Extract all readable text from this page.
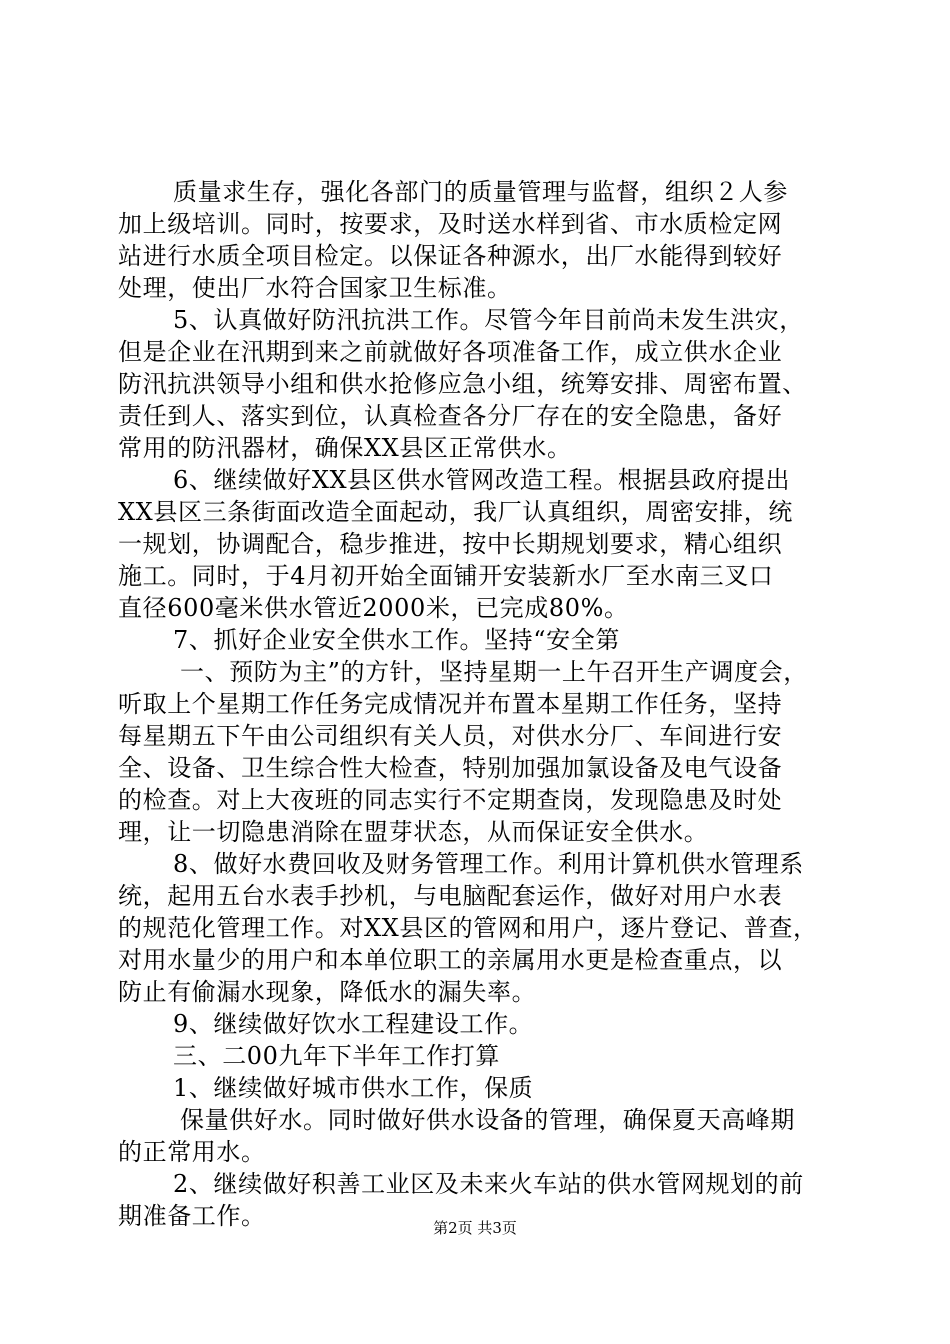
质量求生存，强化各部门的质量管理与监督，组织２人参
加上级培训。同时，按要求，及时送水样到省、市水质检定网
站进行水质全项目检定。以保证各种源水，出厂水能得到较好
处理，使出厂水符合国家卫生标准。
5、认真做好防汛抗洪工作。尽管今年目前尚未发生洪灾，
但是企业在汛期到来之前就做好各项准备工作，成立供水企业
防汛抗洪领导小组和供水抢修应急小组，统筹安排、周密布置、
责任到人、落实到位，认真检查各分厂存在的安全隐患，备好
常用的防汛器材，确保XX县区正常供水。
6、继续做好XX县区供水管网改造工程。根据县政府提出
XX县区三条街面改造全面起动，我厂认真组织，周密安排，统
一规划，协调配合，稳步推进，按中长期规划要求，精心组织
施工。同时，于4月初开始全面铺开安装新水厂至水南三叉口
直径600毫米供水管近2000米，已完成80%。
7、抓好企业安全供水工作。坚持“安全第
一、预防为主”的方针，坚持星期一上午召开生产调度会，
听取上个星期工作任务完成情况并布置本星期工作任务，坚持
每星期五下午由公司组织有关人员，对供水分厂、车间进行安
全、设备、卫生综合性大检查，特别加强加氯设备及电气设备
的检查。对上大夜班的同志实行不定期查岗，发现隐患及时处
理，让一切隐患消除在盟芽状态，从而保证安全供水。
8、做好水费回收及财务管理工作。利用计算机供水管理系
统，起用五台水表手抄机，与电脑配套运作，做好对用户水表
的规范化管理工作。对XX县区的管网和用户，逐片登记、普查，
对用水量少的用户和本单位职工的亲属用水更是检查重点，以
防止有偷漏水现象，降低水的漏失率。
9、继续做好饮水工程建设工作。
三、二00九年下半年工作打算
1、继续做好城市供水工作，保质
保量供好水。同时做好供水设备的管理，确保夏天高峰期
的正常用水。
2、继续做好积善工业区及未来火车站的供水管网规划的前
期准备工作。	第2页 共3页
